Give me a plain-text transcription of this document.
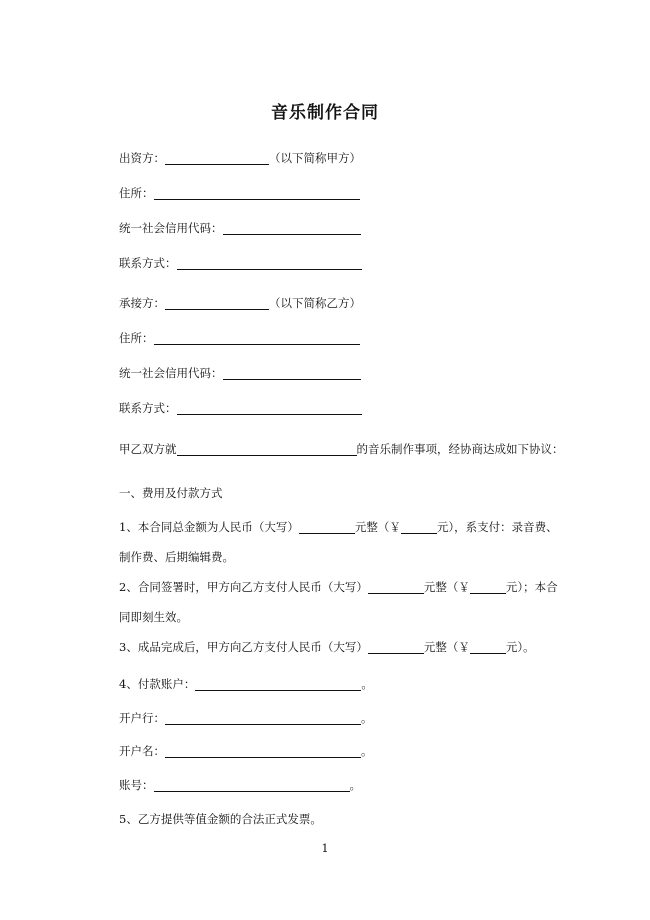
音乐制作合同
出资方：	（以下简称甲方）
住所：
统一社会信用代码：
联系方式：
承接方：	（以下简称乙方）
住所：
统一社会信用代码：
联系方式：
甲乙双方就	的音乐制作事项，经协商达成如下协议：
一、费用及付款方式
1、本合同总金额为人民币（大写）	元整（￥	元），系支付：录音费、制作费、后期编辑费。
2、合同签署时，甲方向乙方支付人民币（大写）	元整（￥	元）；本合同即刻生效。
3、成品完成后，甲方向乙方支付人民币（大写）	元整（￥	元）。
4、付款账户：	。
开户行：	。
开户名：	。
账号：	。
5、乙方提供等值金额的合法正式发票。
1
